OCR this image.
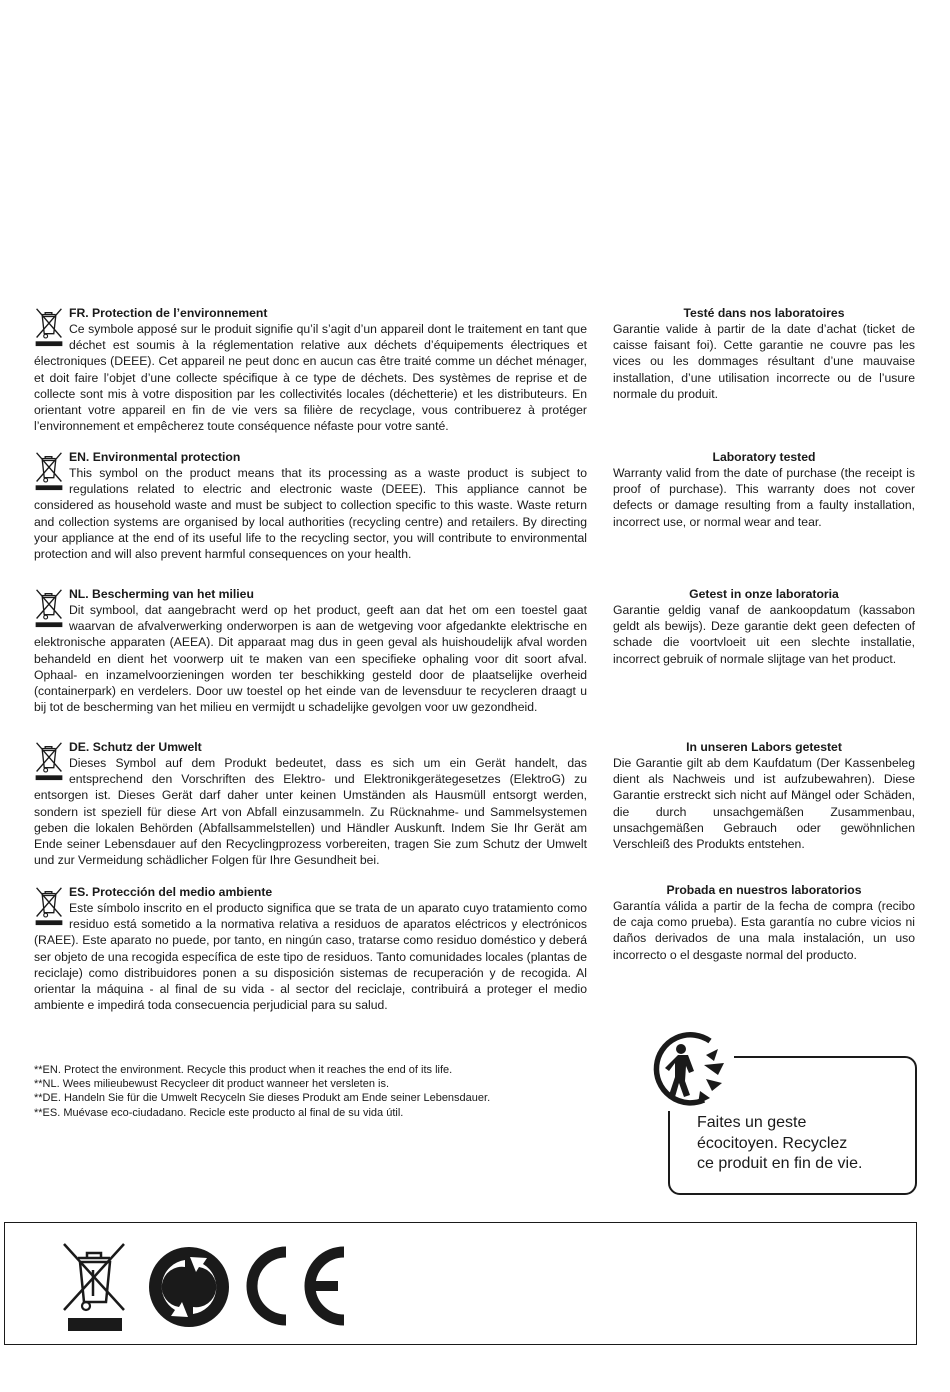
FR. Protection de l’environnement

Ce symbole apposé sur le produit signifie qu’il s’agit d’un appareil dont le traitement en tant que déchet est soumis à la réglementation relative aux déchets d’équipements électriques et électroniques (DEEE). Cet appareil ne peut donc en aucun cas être traité comme un déchet ménager, et doit faire l’objet d’une collecte spécifique à ce type de déchets. Des systèmes de reprise et de collecte sont mis à votre disposition par les collectivités locales (déchetterie) et les distributeurs. En orientant votre appareil en fin de vie vers sa filière de recyclage, vous contribuerez à protéger l’environnement et empêcherez toute conséquence néfaste pour votre santé.

EN. Environmental protection

This symbol on the product means that its processing as a waste product is subject to regulations related to electric and electronic waste (DEEE). This appliance cannot be considered as household waste and must be subject to collection specific to this waste. Waste return and collection systems are organised by local authorities (recycling centre) and retailers. By directing your appliance at the end of its useful life to the recycling sector, you will contribute to environmental protection and will also prevent harmful consequences on your health.

NL. Bescherming van het milieu

Dit symbool, dat aangebracht werd op het product, geeft aan dat het om een toestel gaat waarvan de afvalverwerking onderworpen is aan de wetgeving voor afgedankte elektrische en elektronische apparaten (AEEA). Dit apparaat mag dus in geen geval als huishoudelijk afval worden behandeld en dient het voorwerp uit te maken van een specifieke ophaling voor dit soort afval. Ophaal- en inzamelvoorzieningen worden ter beschikking gesteld door de plaatselijke overheid (containerpark) en verdelers. Door uw toestel op het einde van de levensduur te recycleren draagt u bij tot de bescherming van het milieu en vermijdt u schadelijke gevolgen voor uw gezondheid.

DE. Schutz der Umwelt

Dieses Symbol auf dem Produkt bedeutet, dass es sich um ein Gerät handelt, das entsprechend den Vorschriften des Elektro- und Elektronikgerätegesetzes (ElektroG) zu entsorgen ist. Dieses Gerät darf daher unter keinen Umständen als Hausmüll entsorgt werden, sondern ist speziell für diese Art von Abfall einzusammeln. Zu Rücknahme- und Sammelsystemen geben die lokalen Behörden (Abfallsammelstellen) und Händler Auskunft. Indem Sie Ihr Gerät am Ende seiner Lebensdauer auf den Recyclingprozess vorbereiten, tragen Sie zum Schutz der Umwelt und zur Vermeidung schädlicher Folgen für Ihre Gesundheit bei.

ES. Protección del medio ambiente

Este símbolo inscrito en el producto significa que se trata de un aparato cuyo tratamiento como residuo está sometido a la normativa relativa a residuos de aparatos eléctricos y electrónicos (RAEE). Este aparato no puede, por tanto, en ningún caso, tratarse como residuo doméstico y deberá ser objeto de una recogida específica de este tipo de residuos. Tanto comunidades locales (plantas de reciclaje) como distribuidores ponen a su disposición sistemas de recuperación y de recogida. Al orientar la máquina - al final de su vida - al sector del reciclaje, contribuirá a proteger el medio ambiente e impedirá toda consecuencia perjudicial para su salud.

Testé dans nos laboratoires

Garantie valide à partir de la date d’achat (ticket de caisse faisant foi). Cette garantie ne couvre pas les vices ou les dommages résultant d’une mauvaise installation, d’une utilisation incorrecte ou de l’usure normale du produit.

Laboratory tested

Warranty valid from the date of purchase (the receipt is proof of purchase). This warranty does not cover defects or damage resulting from a faulty installation, incorrect use, or normal wear and tear.

Getest in onze laboratoria

Garantie geldig vanaf de aankoopdatum (kassabon geldt als bewijs). Deze garantie dekt geen defecten of schade die voortvloeit uit een slechte installatie, incorrect gebruik of normale slijtage van het product.

In unseren Labors getestet

Die Garantie gilt ab dem Kaufdatum (Der Kassenbeleg dient als Nachweis und ist aufzubewahren). Diese Garantie erstreckt sich nicht auf Mängel oder Schäden, die durch unsachgemäßen Zusammenbau, unsachgemäßen Gebrauch oder gewöhnlichen Verschleiß des Produkts entstehen.

Probada en nuestros laboratorios

Garantía válida a partir de la fecha de compra (recibo de caja como prueba). Esta garantía no cubre vicios ni daños derivados de una mala instalación, un uso incorrecto o el desgaste normal del producto.

**EN. Protect the environment. Recycle this product when it reaches the end of its life.
**NL. Wees milieubewust Recycleer dit product wanneer het versleten is.
**DE. Handeln Sie für die Umwelt Recyceln Sie dieses Produkt am Ende seiner Lebensdauer.
**ES. Muévase eco-ciudadano. Recicle este producto al final de su vida útil.
Faites un geste
écocitoyen. Recyclez
ce produit en fin de vie.
